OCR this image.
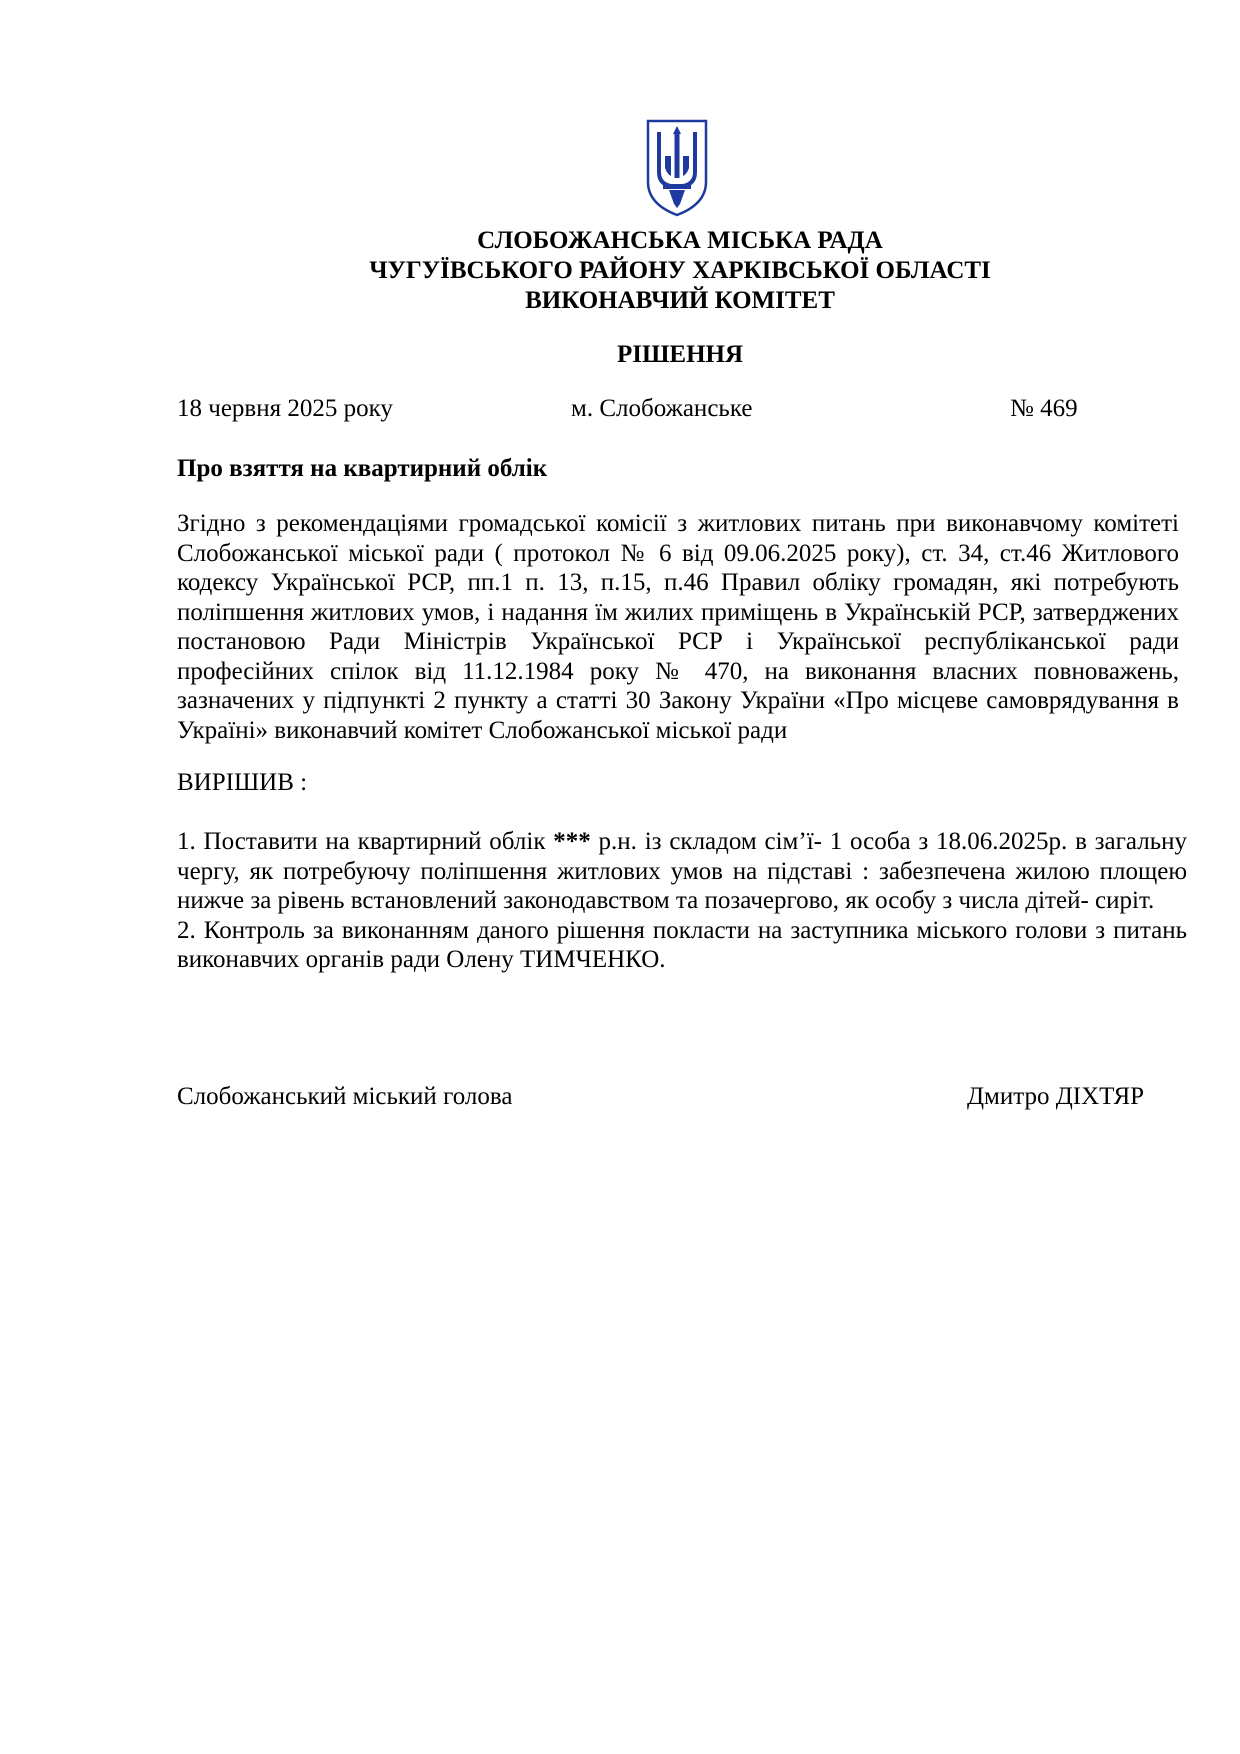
СЛОБОЖАНСЬКА МІСЬКА РАДА
ЧУГУЇВСЬКОГО РАЙОНУ ХАРКІВСЬКОЇ ОБЛАСТІ
ВИКОНАВЧИЙ КОМІТЕТ
РІШЕННЯ
18 червня 2025 року	м. Слобожанське	№ 469
Про взяття на квартирний облік
Згідно з рекомендаціями громадської комісії з житлових питань при виконавчому комітеті Слобожанської міської ради ( протокол № 6 від 09.06.2025 року), ст. 34, ст.46 Житлового кодексу Української РСР, пп.1 п. 13, п.15, п.46 Правил обліку громадян, які потребують поліпшення житлових умов, і надання їм жилих приміщень в Українській РСР, затверджених постановою Ради Міністрів Української РСР і Української республіканської ради професійних спілок від 11.12.1984 року № 470, на виконання власних повноважень, зазначених у підпункті 2 пункту а статті 30 Закону України «Про місцеве самоврядування в Україні» виконавчий комітет Слобожанської міської ради
ВИРІШИВ :
1. Поставити на квартирний облік *** р.н. із складом сім’ї- 1 особа з 18.06.2025р. в загальну чергу, як потребуючу поліпшення житлових умов на підставі : забезпечена жилою площею нижче за рівень встановлений законодавством та позачергово, як особу з числа дітей- сиріт.
2. Контроль за виконанням даного рішення покласти на заступника міського голови з питань виконавчих органів ради Олену ТИМЧЕНКО.
Слобожанський міський голова	Дмитро ДІХТЯР
